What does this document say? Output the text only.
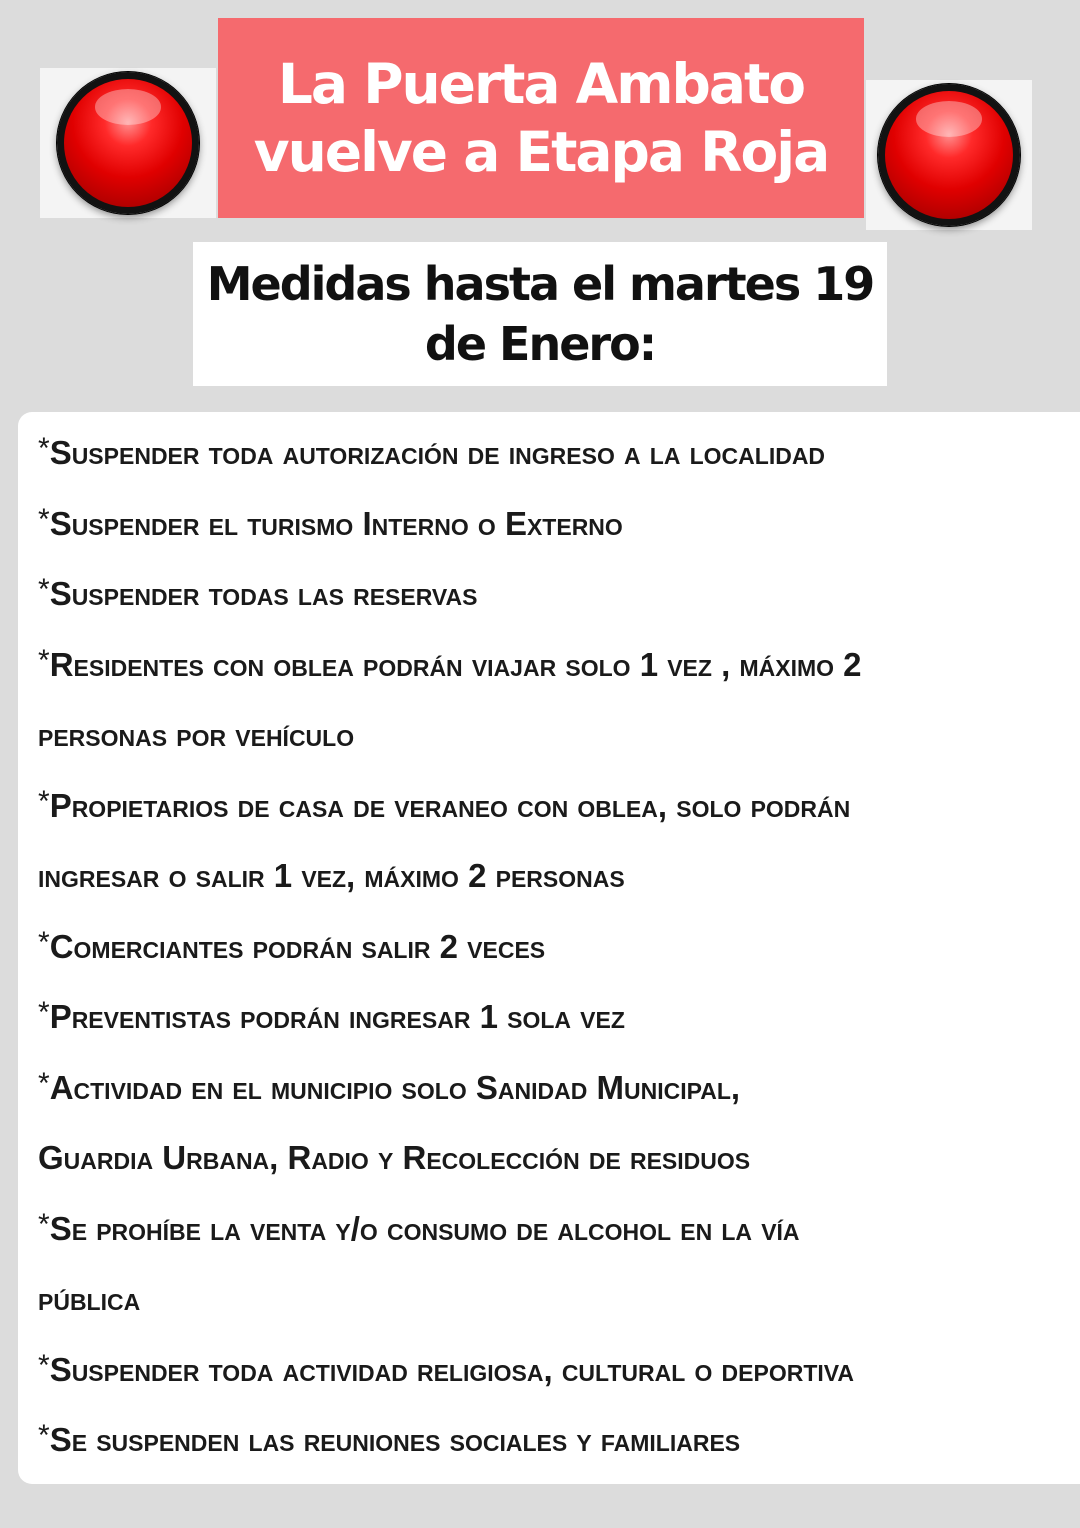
La Puerta Ambato
vuelve a Etapa Roja
Medidas hasta el martes 19
de Enero:
*Suspender toda autorización de ingreso a la localidad
*Suspender el turismo Interno o Externo
*Suspender todas las reservas
*Residentes con oblea podrán viajar solo 1 vez , máximo 2
personas por vehículo
*Propietarios de casa de veraneo con oblea, solo podrán
ingresar o salir 1 vez, máximo 2 personas
*Comerciantes podrán salir 2 veces
*Preventistas podrán ingresar 1 sola vez
*Actividad en el municipio solo Sanidad Municipal,
Guardia Urbana, Radio y Recolección de residuos
*Se prohíbe la venta y/o consumo de alcohol en la vía
pública
*Suspender toda actividad religiosa, cultural o deportiva
*Se suspenden las reuniones sociales y familiares
